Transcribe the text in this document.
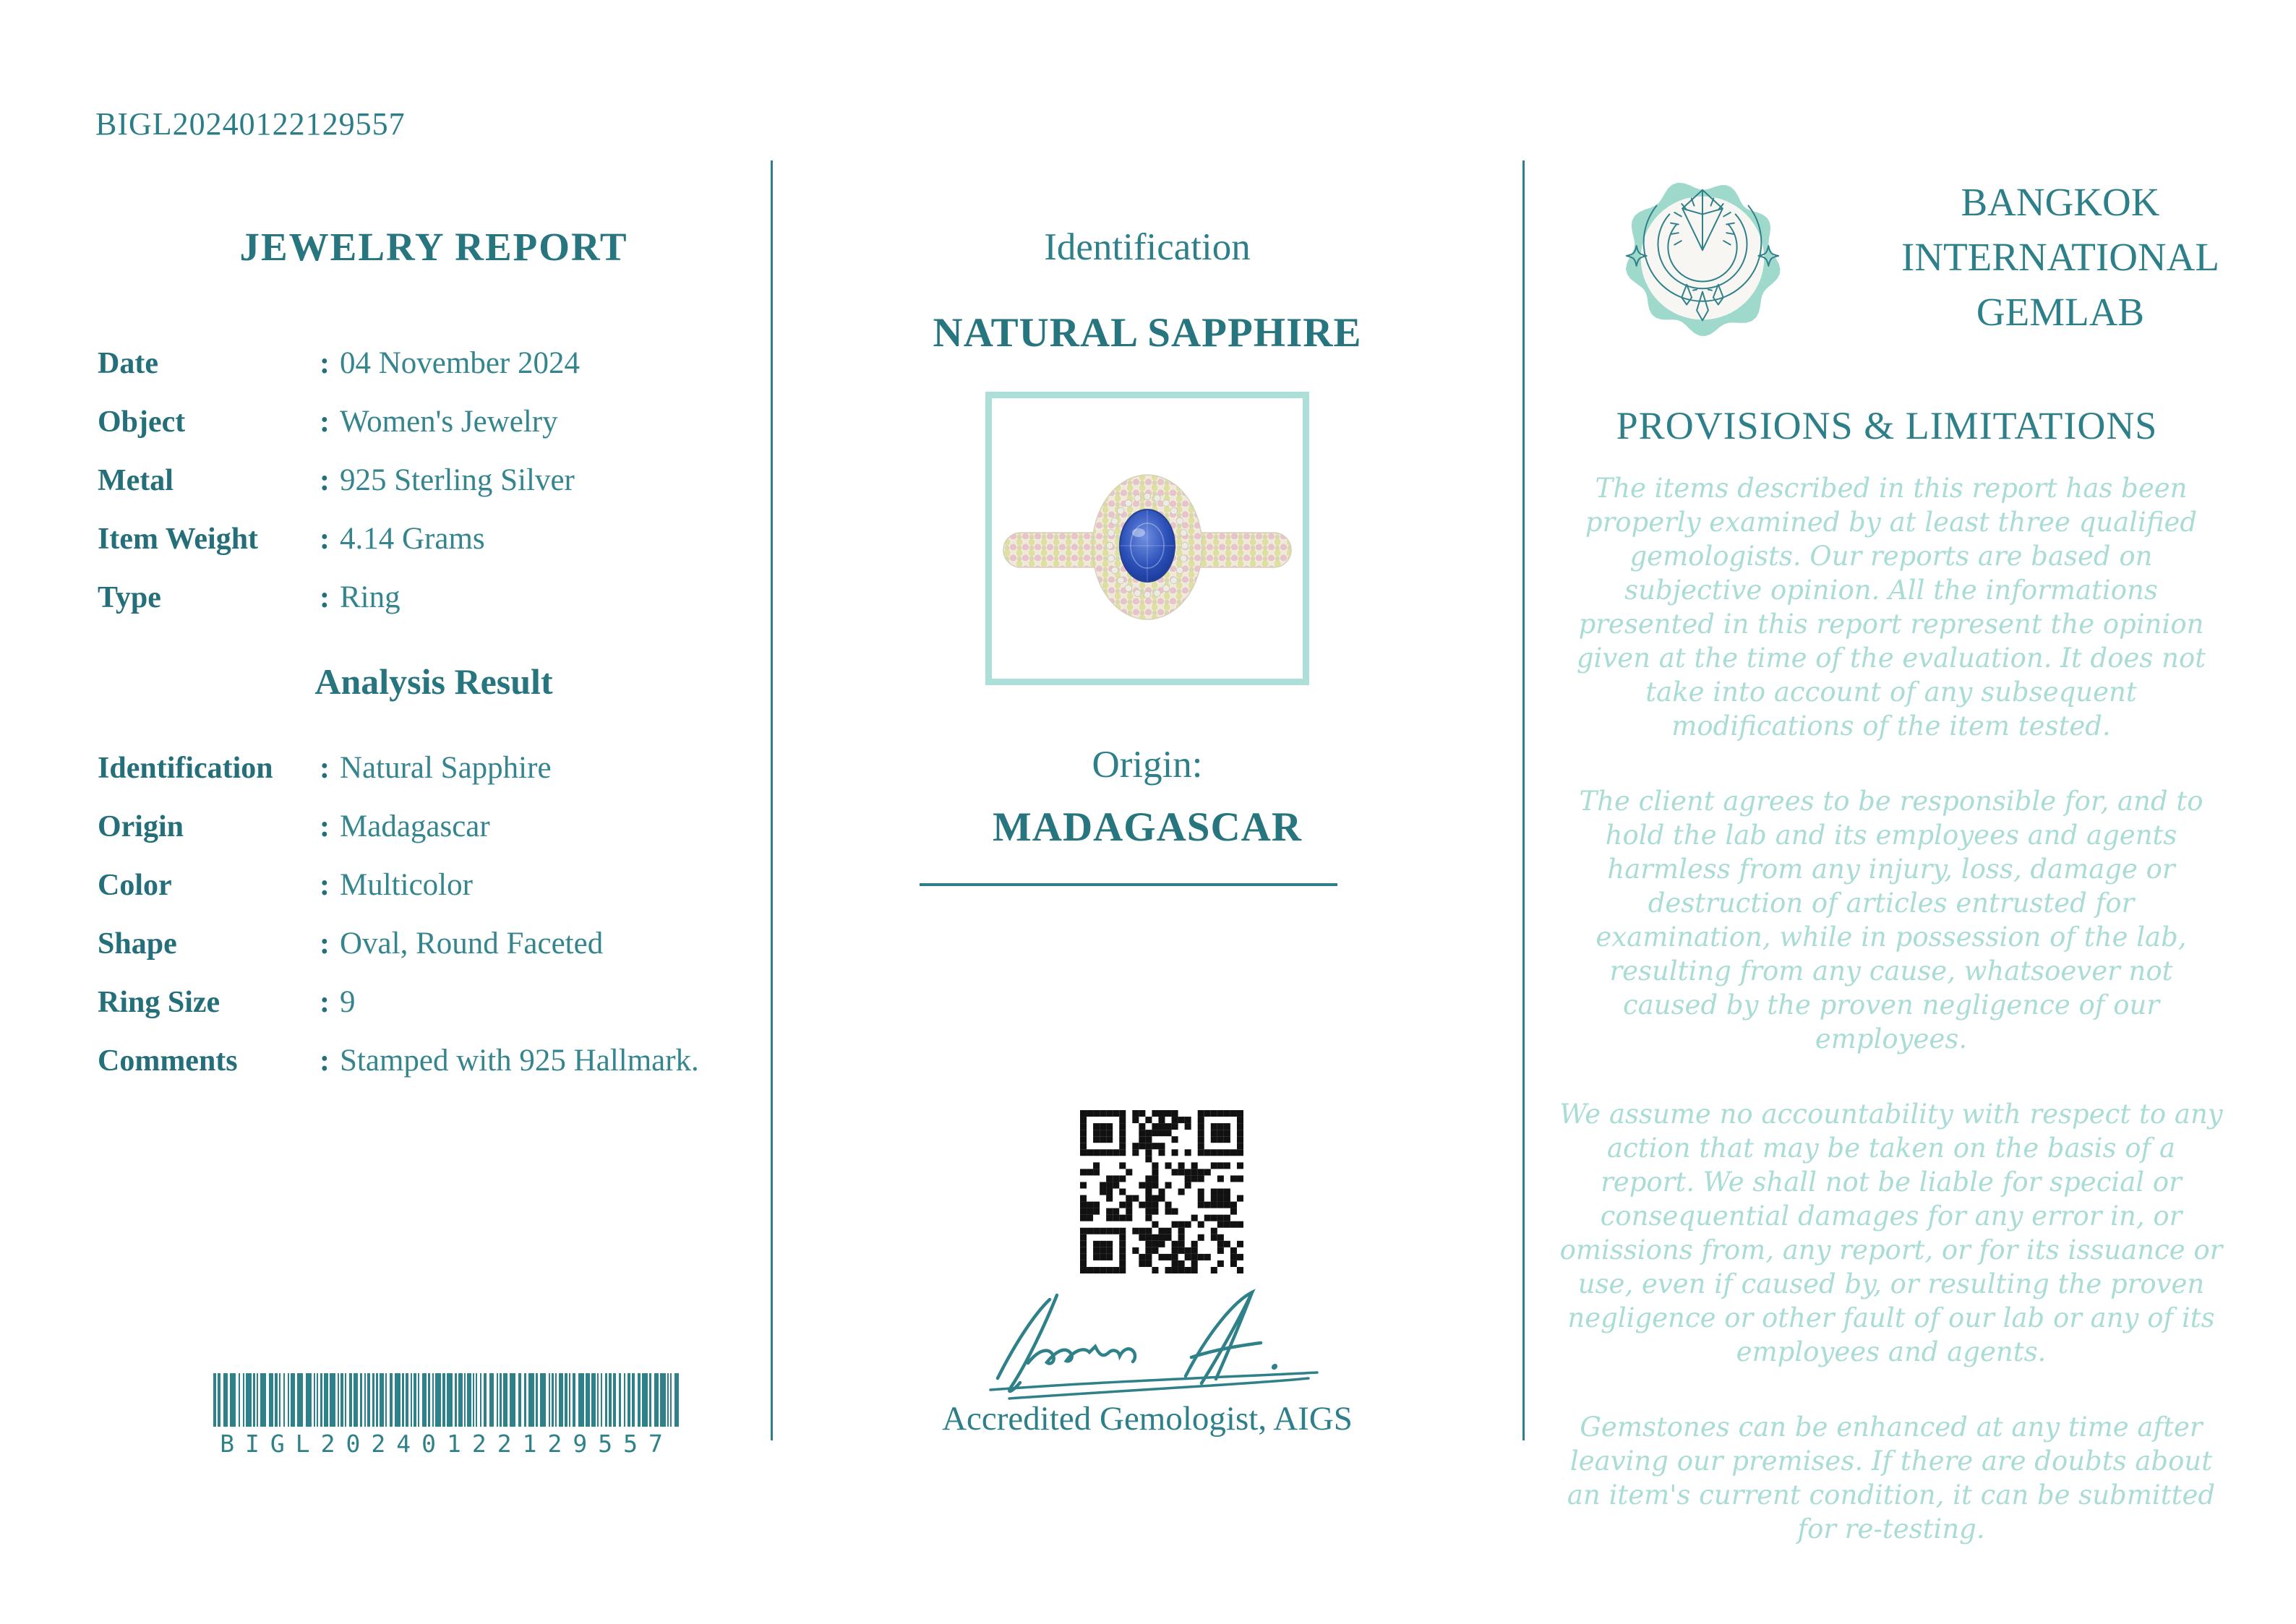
BIGL20240122129557
JEWELRY REPORT
Date	: 04 November 2024
Object	: Women's Jewelry
Metal	: 925 Sterling Silver
Item Weight	: 4.14 Grams
Type	: Ring
Analysis Result
Identification	: Natural Sapphire
Origin	: Madagascar
Color	: Multicolor
Shape	: Oval, Round Faceted
Ring Size	: 9
Comments	: Stamped with 925 Hallmark.
BIGL20240122129557
Identification
NATURAL SAPPHIRE
Origin:
MADAGASCAR
Accredited Gemologist, AIGS
BANGKOK
INTERNATIONAL
GEMLAB
PROVISIONS & LIMITATIONS

The items described in this report has been properly examined by at least three qualified gemologists. Our reports are based on subjective opinion. All the informations presented in this report represent the opinion given at the time of the evaluation. It does not take into account of any subsequent modifications of the item tested.

The client agrees to be responsible for, and to hold the lab and its employees and agents harmless from any injury, loss, damage or destruction of articles entrusted for examination, while in possession of the lab, resulting from any cause, whatsoever not caused by the proven negligence of our employees.

We assume no accountability with respect to any action that may be taken on the basis of a report. We shall not be liable for special or consequential damages for any error in, or omissions from, any report, or for its issuance or use, even if caused by, or resulting the proven negligence or other fault of our lab or any of its employees and agents.

Gemstones can be enhanced at any time after leaving our premises. If there are doubts about an item's current condition, it can be submitted for re-testing.
